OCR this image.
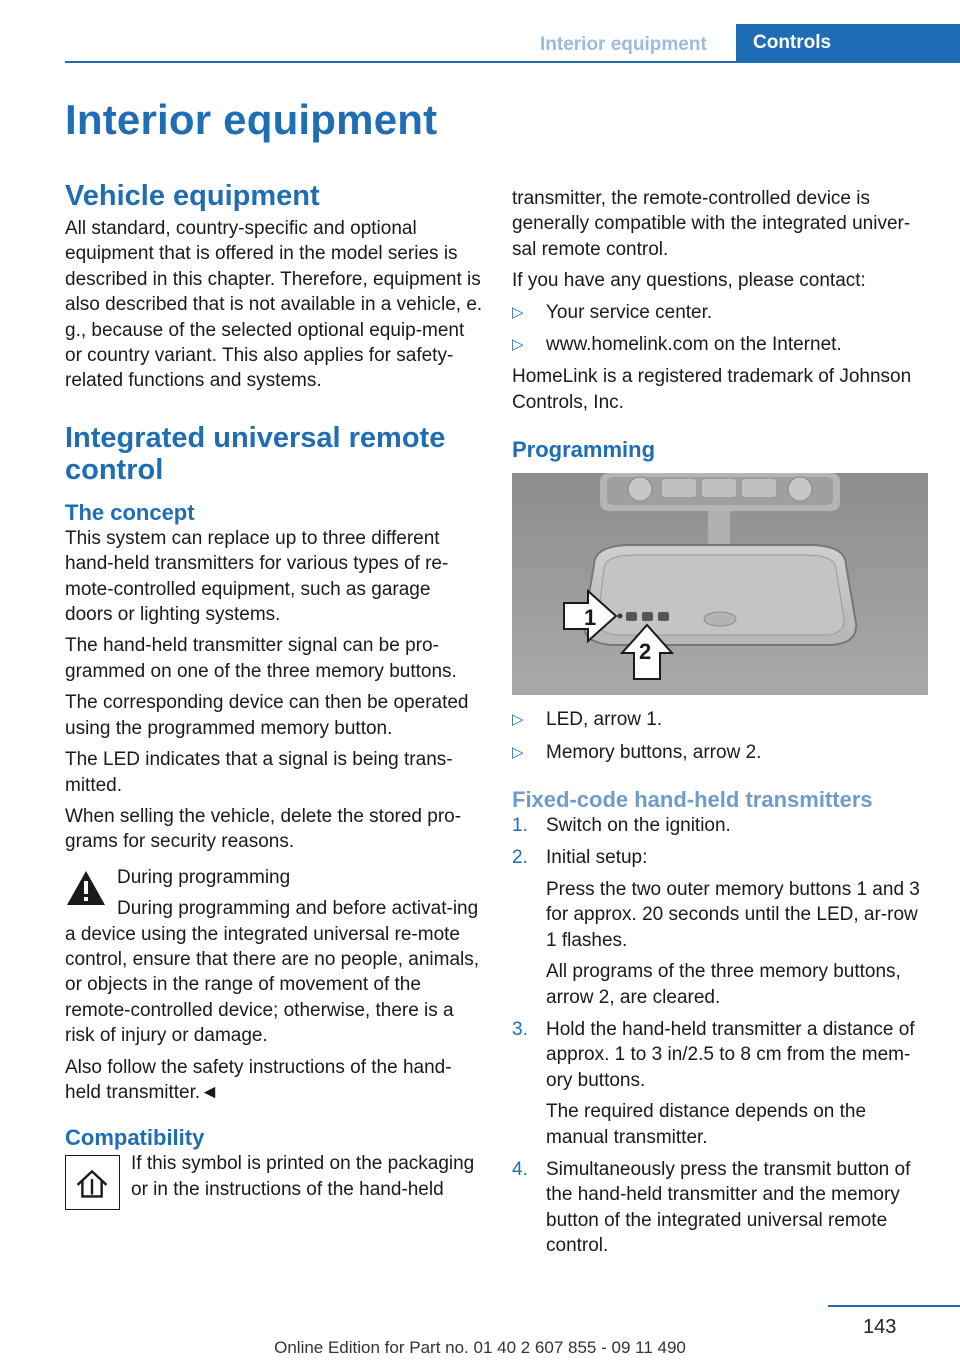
Interior equipment	Controls
Interior equipment
Vehicle equipment

All standard, country-specific and optional equipment that is offered in the model series is described in this chapter. Therefore, equipment is also described that is not available in a vehicle, e. g., because of the selected optional equip-ment or country variant. This also applies for safety-related functions and systems.

Integrated universal remote control
The concept

This system can replace up to three different hand-held transmitters for various types of re-mote-controlled equipment, such as garage doors or lighting systems.

The hand-held transmitter signal can be pro-grammed on one of the three memory buttons.

The corresponding device can then be operated using the programmed memory button.

The LED indicates that a signal is being trans-mitted.

When selling the vehicle, delete the stored pro-grams for security reasons.

During programming

During programming and before activat-ing a device using the integrated universal re-mote control, ensure that there are no people, animals, or objects in the range of movement of the remote-controlled device; otherwise, there is a risk of injury or damage.

Also follow the safety instructions of the hand-held transmitter.◄

Compatibility

If this symbol is printed on the packaging or in the instructions of the hand-held

transmitter, the remote-controlled device is generally compatible with the integrated univer-sal remote control.

If you have any questions, please contact:

▷ Your service center.
▷ www.homelink.com on the Internet.

HomeLink is a registered trademark of Johnson Controls, Inc.

Programming
1
2
▷ LED, arrow 1.
▷ Memory buttons, arrow 2.
Fixed-code hand-held transmitters
1. Switch on the ignition.

2. Initial setup:

Press the two outer memory buttons 1 and 3 for approx. 20 seconds until the LED, ar-row 1 flashes.

All programs of the three memory buttons, arrow 2, are cleared.

3. Hold the hand-held transmitter a distance of approx. 1 to 3 in/2.5 to 8 cm from the mem-ory buttons.

The required distance depends on the manual transmitter.

4. Simultaneously press the transmit button of the hand-held transmitter and the memory button of the integrated universal remote control.

143
Online Edition for Part no. 01 40 2 607 855 - 09 11 490
